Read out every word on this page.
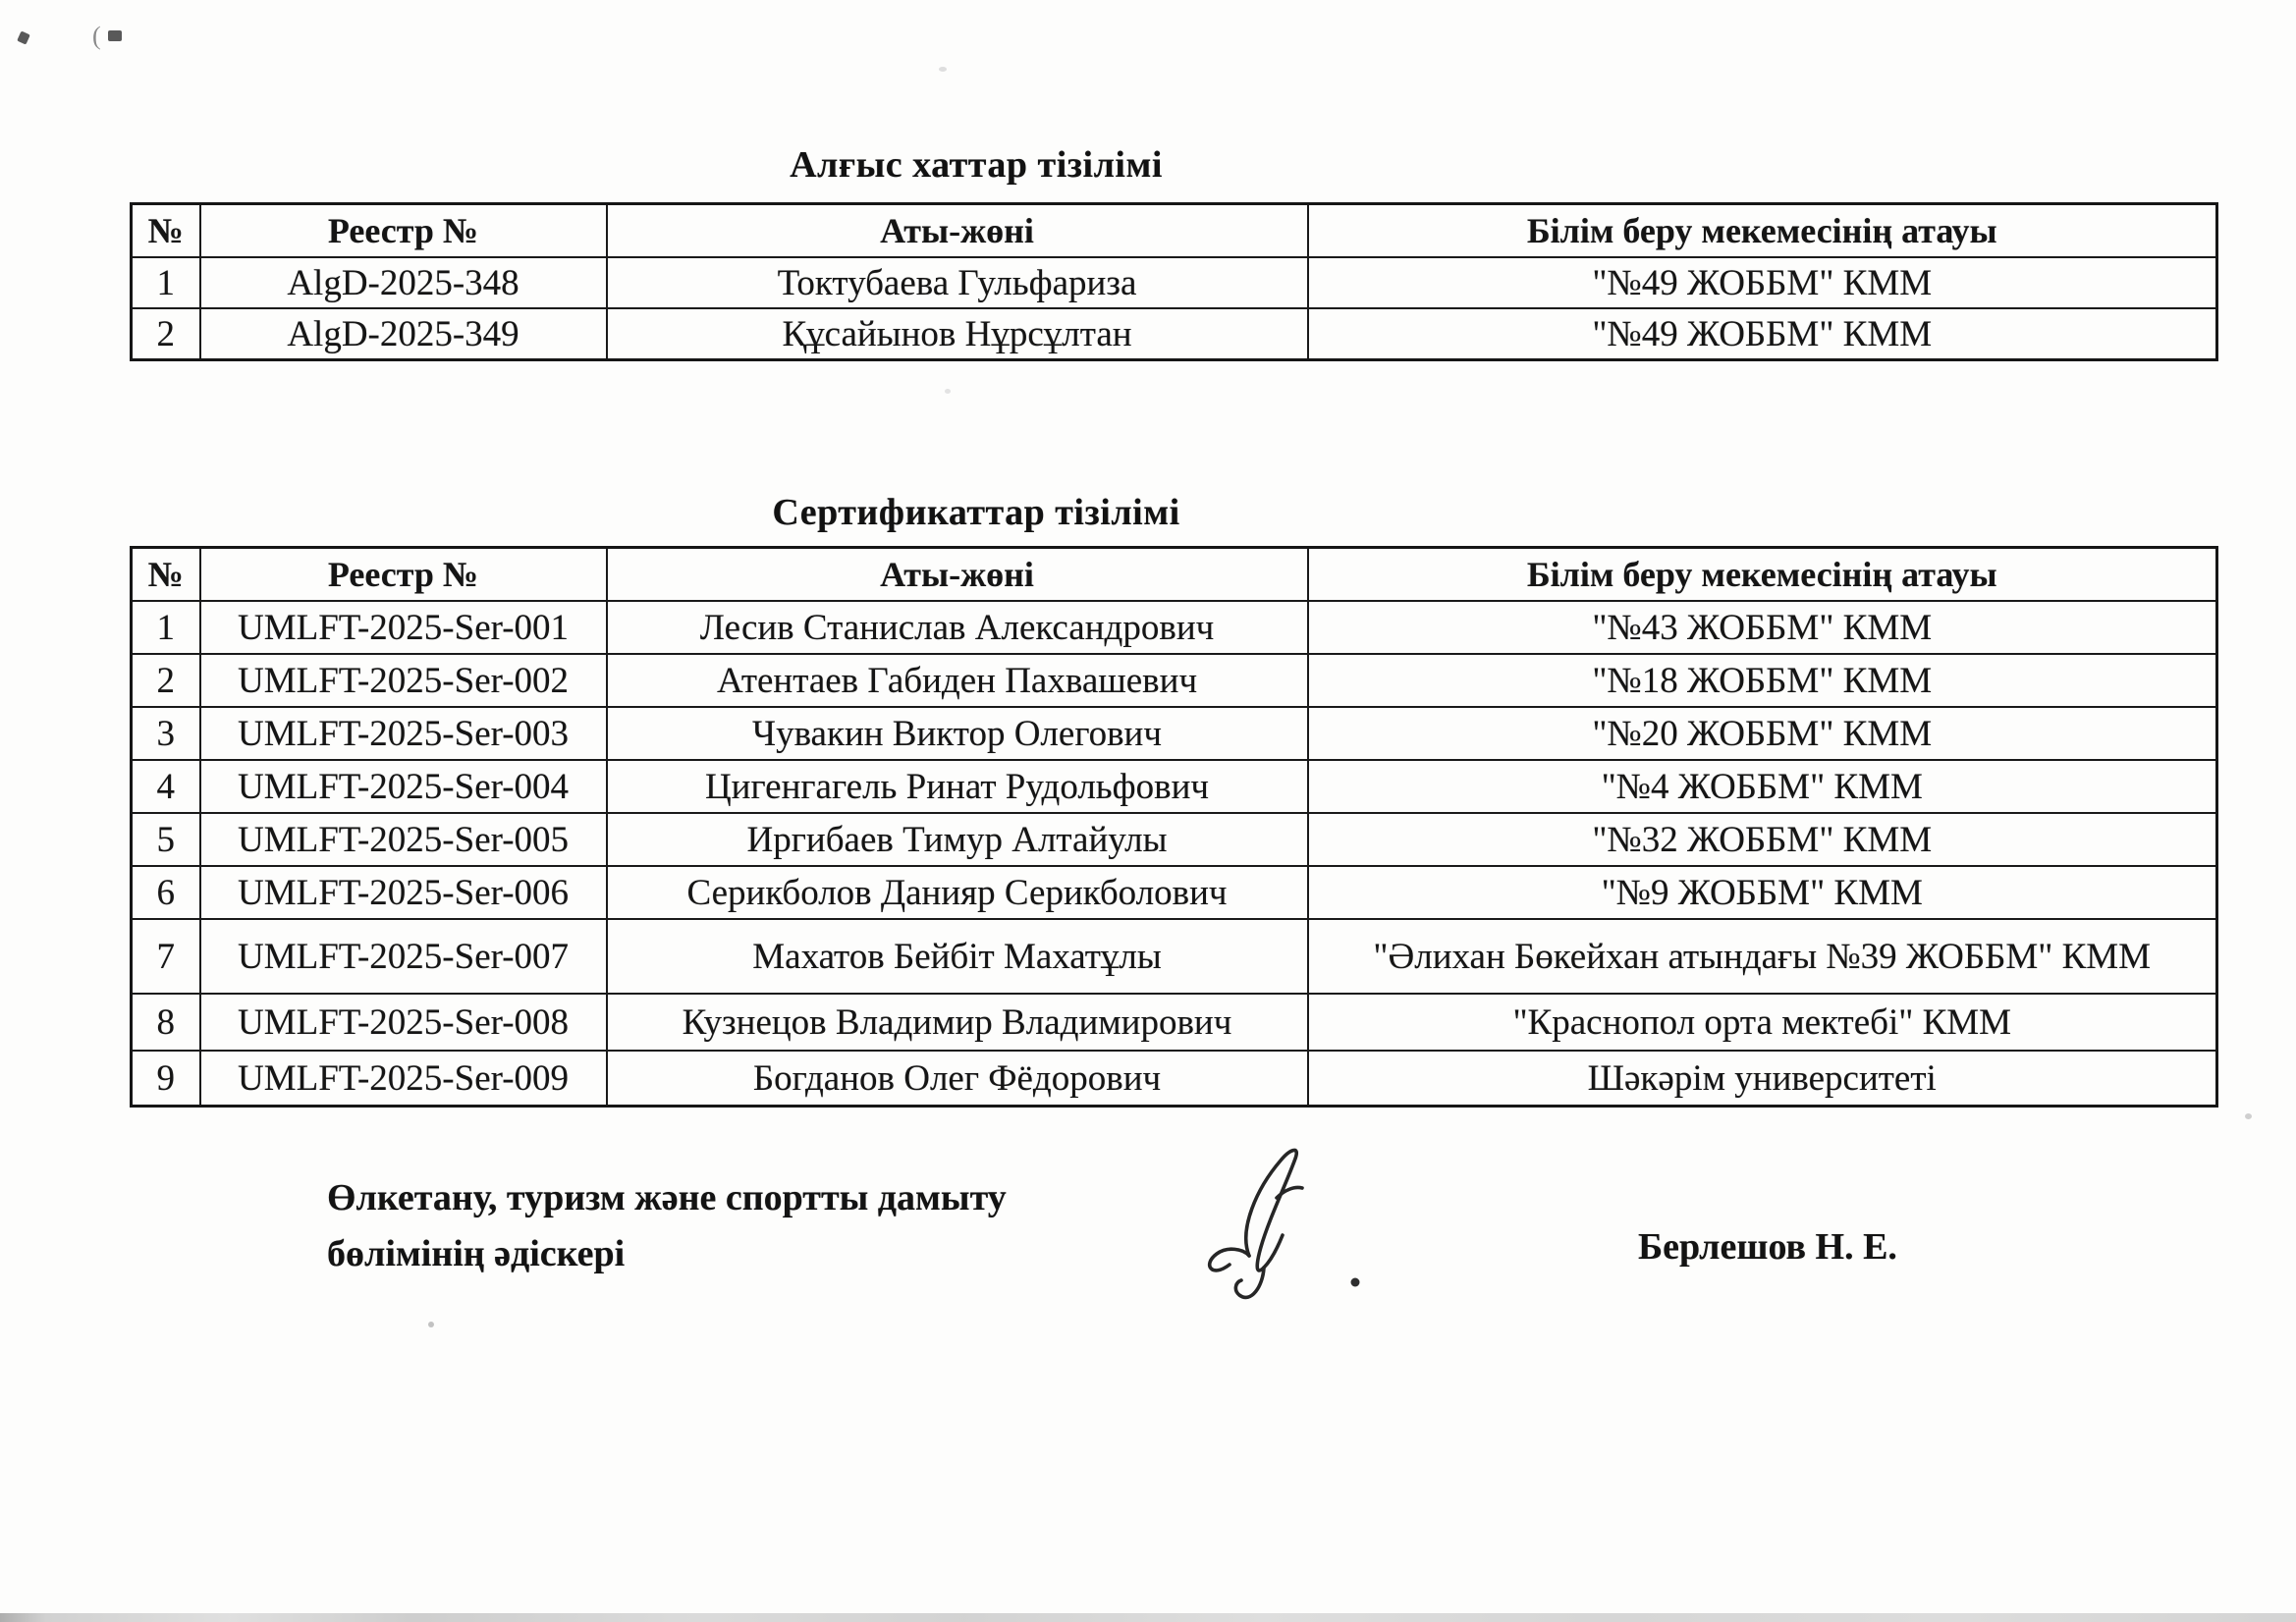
(
Алғыс хаттар тізілімі
№	Реестр №	Аты-жөні	Білім беру мекемесінің атауы
1	AlgD-2025-348	Токтубаева Гульфариза	"№49 ЖОББМ" КММ
2	AlgD-2025-349	Құсайынов Нұрсұлтан	"№49 ЖОББМ" КММ
Сертификаттар тізілімі
№	Реестр №	Аты-жөні	Білім беру мекемесінің атауы
1	UMLFT-2025-Ser-001	Лесив Станислав Александрович	"№43 ЖОББМ" КММ
2	UMLFT-2025-Ser-002	Атентаев Габиден Пахвашевич	"№18 ЖОББМ" КММ
3	UMLFT-2025-Ser-003	Чувакин Виктор Олегович	"№20 ЖОББМ" КММ
4	UMLFT-2025-Ser-004	Цигенгагель Ринат Рудольфович	"№4 ЖОББМ" КММ
5	UMLFT-2025-Ser-005	Иргибаев Тимур Алтайулы	"№32 ЖОББМ" КММ
6	UMLFT-2025-Ser-006	Серикболов Данияр Серикболович	"№9 ЖОББМ" КММ
7	UMLFT-2025-Ser-007	Махатов Бейбіт Махатұлы	"Әлихан Бөкейхан атындағы №39 ЖОББМ" КММ
8	UMLFT-2025-Ser-008	Кузнецов Владимир Владимирович	"Краснопол орта мектебі" КММ
9	UMLFT-2025-Ser-009	Богданов Олег Фёдорович	Шәкәрім университеті
Өлкетану, туризм және спортты дамыту
бөлімінің әдіскері	Берлешов Н. Е.
